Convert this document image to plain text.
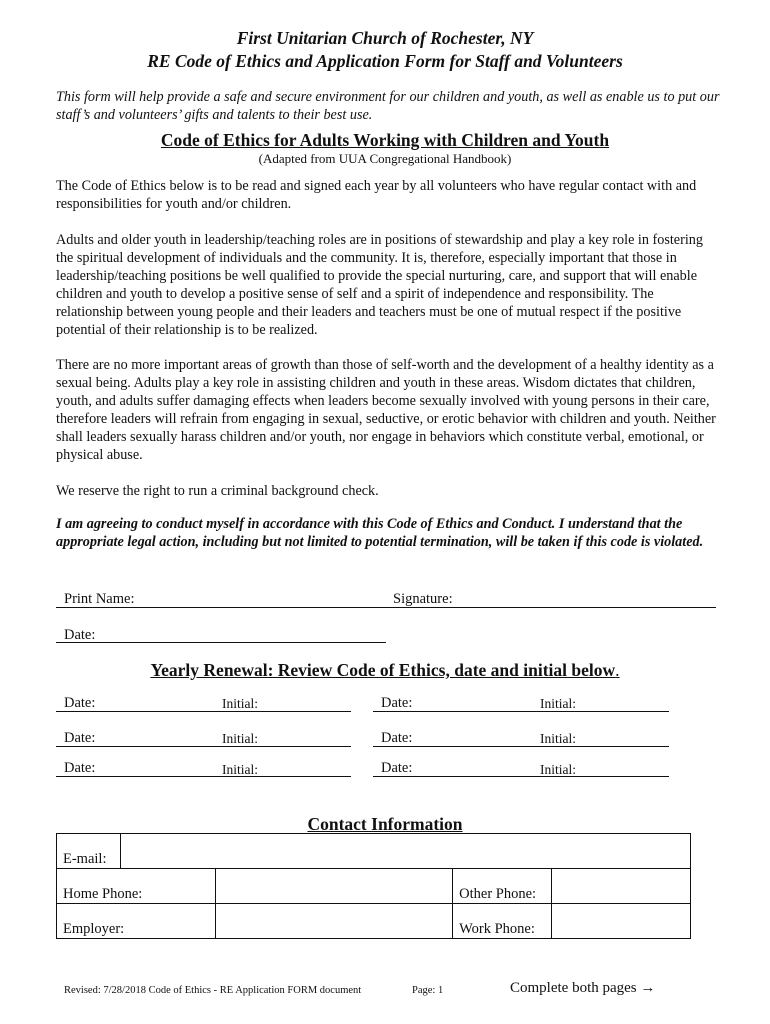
First Unitarian Church of Rochester, NY
RE Code of Ethics and Application Form for Staff and Volunteers
This form will help provide a safe and secure environment for our children and youth, as well as enable us to put our staff’s and volunteers’ gifts and talents to their best use.
Code of Ethics for Adults Working with Children and Youth
(Adapted from UUA Congregational Handbook)
The Code of Ethics below is to be read and signed each year by all volunteers who have regular contact with and responsibilities for youth and/or children.
Adults and older youth in leadership/teaching roles are in positions of stewardship and play a key role in fostering the spiritual development of individuals and the community. It is, therefore, especially important that those in leadership/teaching positions be well qualified to provide the special nurturing, care, and support that will enable children and youth to develop a positive sense of self and a spirit of independence and responsibility. The relationship between young people and their leaders and teachers must be one of mutual respect if the positive potential of their relationship is to be realized.
There are no more important areas of growth than those of self-worth and the development of a healthy identity as a sexual being. Adults play a key role in assisting children and youth in these areas. Wisdom dictates that children, youth, and adults suffer damaging effects when leaders become sexually involved with young persons in their care, therefore leaders will refrain from engaging in sexual, seductive, or erotic behavior with children and youth. Neither shall leaders sexually harass children and/or youth, nor engage in behaviors which constitute verbal, emotional, or physical abuse.
We reserve the right to run a criminal background check.
I am agreeing to conduct myself in accordance with this Code of Ethics and Conduct. I understand that the appropriate legal action, including but not limited to potential termination, will be taken if this code is violated.
Print Name:	Signature:
Date:
Yearly Renewal: Review Code of Ethics, date and initial below.
Date:	Initial:	Date:	Initial:
Date:	Initial:	Date:	Initial:
Date:	Initial:	Date:	Initial:
Contact Information
E-mail:			
Home Phone:			Other Phone:

Employer:			Work Phone:
Revised: 7/28/2018 Code of Ethics - RE Application FORM document	Page: 1	Complete both pages →
